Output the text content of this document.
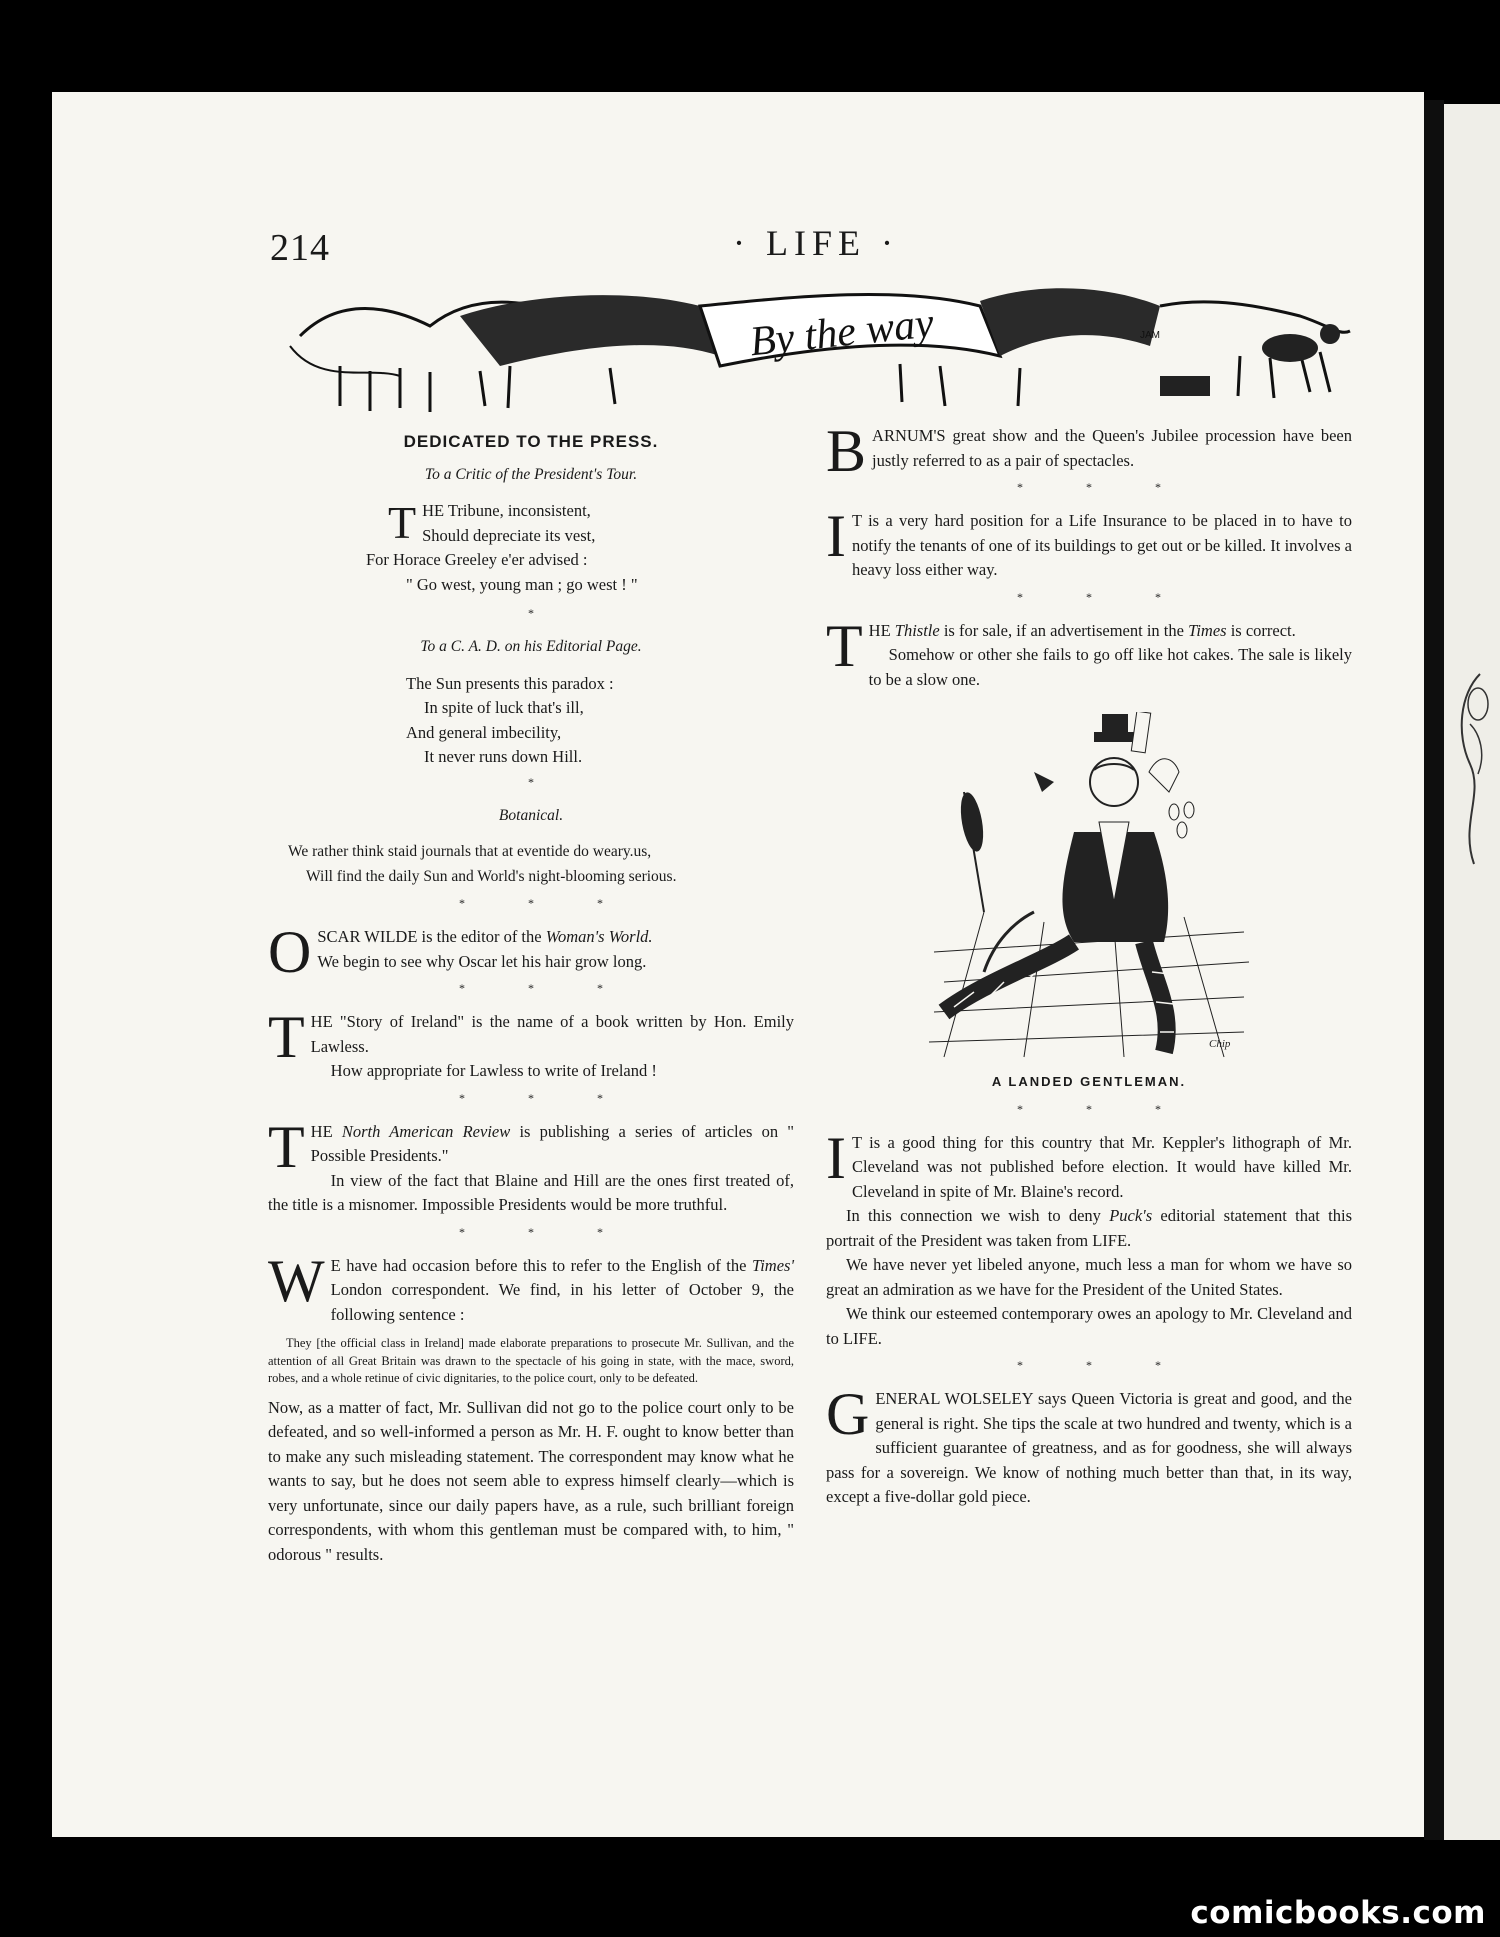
214	· LIFE ·
By the way	JAM
DEDICATED TO THE PRESS.
To a Critic of the President's Tour.
T HE Tribune, inconsistent,

Should depreciate its vest,

For Horace Greeley e'er advised :

" Go west, young man ; go west ! "

*
To a C. A. D. on his Editorial Page.

The Sun presents this paradox :

In spite of luck that's ill,

And general imbecility,

It never runs down Hill.

*
Botanical.

We rather think staid journals that at eventide do weary.us,

Will find the daily Sun and World's night-blooming serious.

* * *
O SCAR WILDE is the editor of the Woman's World.
We begin to see why Oscar let his hair grow long.
* * *
T HE "Story of Ireland" is the name of a book written by Hon. Emily Lawless.

How appropriate for Lawless to write of Ireland !

* * *
T HE North American Review is publishing a series of articles on " Possible Presidents."

In view of the fact that Blaine and Hill are the ones first treated of, the title is a misnomer. Impossible Presidents would be more truthful.

* * *
W E have had occasion before this to refer to the English of the Times' London correspondent. We find, in his letter of October 9, the following sentence :

They [the official class in Ireland] made elaborate preparations to prosecute Mr. Sullivan, and the attention of all Great Britain was drawn to the spectacle of his going in state, with the mace, sword, robes, and a whole retinue of civic dignitaries, to the police court, only to be defeated.

Now, as a matter of fact, Mr. Sullivan did not go to the police court only to be defeated, and so well-informed a person as Mr. H. F. ought to know better than to make any such misleading statement. The correspondent may know what he wants to say, but he does not seem able to express himself clearly—which is very unfortunate, since our daily papers have, as a rule, such brilliant foreign correspondents, with whom this gentleman must be compared with, to him, " odorous " results.

B ARNUM'S great show and the Queen's Jubilee procession have been justly referred to as a pair of spectacles.

* * *
I T is a very hard position for a Life Insurance to be placed in to have to notify the tenants of one of its buildings to get out or be killed. It involves a heavy loss either way.

* * *
T HE Thistle is for sale, if an advertisement in the Times is correct.

Somehow or other she fails to go off like hot cakes. The sale is likely to be a slow one.

Chip
A LANDED GENTLEMAN.
* * *
I T is a good thing for this country that Mr. Keppler's lithograph of Mr. Cleveland was not published before election. It would have killed Mr. Cleveland in spite of Mr. Blaine's record.

In this connection we wish to deny Puck's editorial statement that this portrait of the President was taken from LIFE.

We have never yet libeled anyone, much less a man for whom we have so great an admiration as we have for the President of the United States.

We think our esteemed contemporary owes an apology to Mr. Cleveland and to LIFE.

* * *
G ENERAL WOLSELEY says Queen Victoria is great and good, and the general is right. She tips the scale at two hundred and twenty, which is a sufficient guarantee of greatness, and as for goodness, she will always pass for a sovereign. We know of nothing much better than that, in its way, except a five-dollar gold piece.

comicbooks.com
